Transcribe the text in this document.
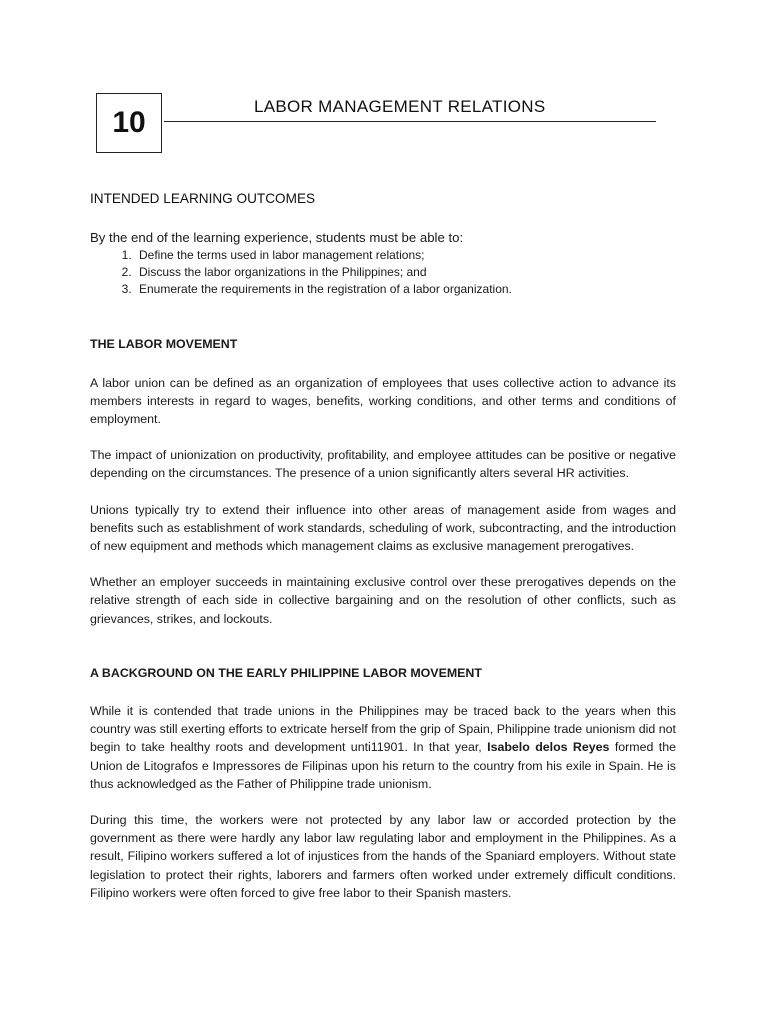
10	LABOR MANAGEMENT RELATIONS
INTENDED LEARNING OUTCOMES

By the end of the learning experience, students must be able to:

1. Define the terms used in labor management relations;
2. Discuss the labor organizations in the Philippines; and
3. Enumerate the requirements in the registration of a labor organization.
THE LABOR MOVEMENT

A labor union can be defined as an organization of employees that uses collective action to advance its members interests in regard to wages, benefits, working conditions, and other terms and conditions of employment.

The impact of unionization on productivity, profitability, and employee attitudes can be positive or negative depending on the circumstances. The presence of a union significantly alters several HR activities.

Unions typically try to extend their influence into other areas of management aside from wages and benefits such as establishment of work standards, scheduling of work, subcontracting, and the introduction of new equipment and methods which management claims as exclusive management prerogatives.

Whether an employer succeeds in maintaining exclusive control over these prerogatives depends on the relative strength of each side in collective bargaining and on the resolution of other conflicts, such as grievances, strikes, and lockouts.

A BACKGROUND ON THE EARLY PHILIPPINE LABOR MOVEMENT

While it is contended that trade unions in the Philippines may be traced back to the years when this country was still exerting efforts to extricate herself from the grip of Spain, Philippine trade unionism did not begin to take healthy roots and development unti11901. In that year, Isabelo delos Reyes formed the Union de Litografos e Impressores de Filipinas upon his return to the country from his exile in Spain. He is thus acknowledged as the Father of Philippine trade unionism.

During this time, the workers were not protected by any labor law or accorded protection by the government as there were hardly any labor law regulating labor and employment in the Philippines. As a result, Filipino workers suffered a lot of injustices from the hands of the Spaniard employers. Without state legislation to protect their rights, laborers and farmers often worked under extremely difficult conditions. Filipino workers were often forced to give free labor to their Spanish masters.
